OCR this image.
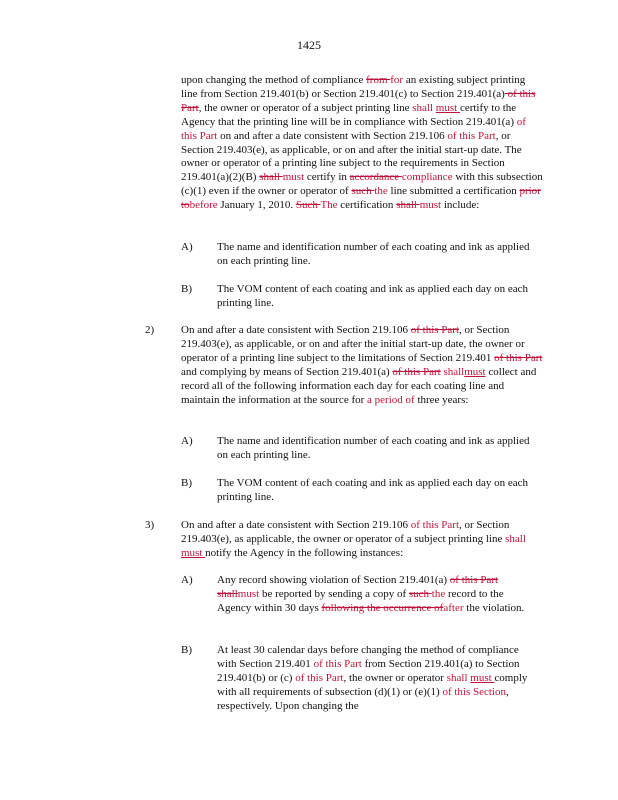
1425
upon changing the method of compliance from for an existing subject printing line from Section 219.401(b) or Section 219.401(c) to Section 219.401(a) of this Part, the owner or operator of a subject printing line shall must certify to the Agency that the printing line will be in compliance with Section 219.401(a) of this Part on and after a date consistent with Section 219.106 of this Part, or Section 219.403(e), as applicable, or on and after the initial start-up date. The owner or operator of a printing line subject to the requirements in Section 219.401(a)(2)(B) shall must certify in accordance compliance with this subsection (c)(1) even if the owner or operator of such the line submitted a certification prior tobefore January 1, 2010. Such The certification shall must include:
A) The name and identification number of each coating and ink as applied on each printing line.
B) The VOM content of each coating and ink as applied each day on each printing line.
2) On and after a date consistent with Section 219.106 of this Part, or Section 219.403(e), as applicable, or on and after the initial start-up date, the owner or operator of a printing line subject to the limitations of Section 219.401 of this Part and complying by means of Section 219.401(a) of this Part shallmust collect and record all of the following information each day for each coating line and maintain the information at the source for a period of three years:
A) The name and identification number of each coating and ink as applied on each printing line.
B) The VOM content of each coating and ink as applied each day on each printing line.
3) On and after a date consistent with Section 219.106 of this Part, or Section 219.403(e), as applicable, the owner or operator of a subject printing line shall must notify the Agency in the following instances:
A) Any record showing violation of Section 219.401(a) of this Part shallmust be reported by sending a copy of such the record to the Agency within 30 days following the occurrence ofafter the violation.
B) At least 30 calendar days before changing the method of compliance with Section 219.401 of this Part from Section 219.401(a) to Section 219.401(b) or (c) of this Part, the owner or operator shall must comply with all requirements of subsection (d)(1) or (e)(1) of this Section, respectively. Upon changing the
